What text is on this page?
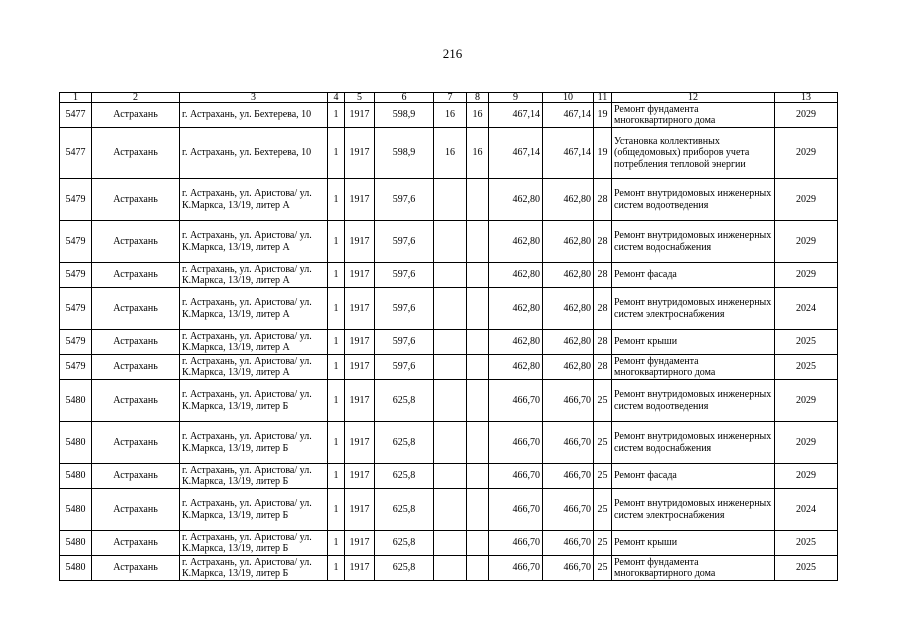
216
1	2	3	4	5	6	7	8	9	10	11	12	13
5477	Астрахань	г. Астрахань, ул. Бехтерева, 10	1	1917	598,9	16	16	467,14	467,14	19	Ремонт фундамента многоквартирного дома	2029
5477	Астрахань	г. Астрахань, ул. Бехтерева, 10	1	1917	598,9	16	16	467,14	467,14	19	Установка коллективных (общедомовых) приборов учета потребления тепловой энергии	2029
5479	Астрахань	г. Астрахань, ул. Аристова/ ул. К.Маркса, 13/19, литер А	1	1917	597,6			462,80	462,80	28	Ремонт внутридомовых инженерных систем водоотведения	2029
5479	Астрахань	г. Астрахань, ул. Аристова/ ул. К.Маркса, 13/19, литер А	1	1917	597,6			462,80	462,80	28	Ремонт внутридомовых инженерных систем водоснабжения	2029
5479	Астрахань	г. Астрахань, ул. Аристова/ ул. К.Маркса, 13/19, литер А	1	1917	597,6			462,80	462,80	28	Ремонт фасада	2029
5479	Астрахань	г. Астрахань, ул. Аристова/ ул. К.Маркса, 13/19, литер А	1	1917	597,6			462,80	462,80	28	Ремонт внутридомовых инженерных систем электроснабжения	2024
5479	Астрахань	г. Астрахань, ул. Аристова/ ул. К.Маркса, 13/19, литер А	1	1917	597,6			462,80	462,80	28	Ремонт крыши	2025
5479	Астрахань	г. Астрахань, ул. Аристова/ ул. К.Маркса, 13/19, литер А	1	1917	597,6			462,80	462,80	28	Ремонт фундамента многоквартирного дома	2025
5480	Астрахань	г. Астрахань, ул. Аристова/ ул. К.Маркса, 13/19, литер Б	1	1917	625,8			466,70	466,70	25	Ремонт внутридомовых инженерных систем водоотведения	2029
5480	Астрахань	г. Астрахань, ул. Аристова/ ул. К.Маркса, 13/19, литер Б	1	1917	625,8			466,70	466,70	25	Ремонт внутридомовых инженерных систем водоснабжения	2029
5480	Астрахань	г. Астрахань, ул. Аристова/ ул. К.Маркса, 13/19, литер Б	1	1917	625,8			466,70	466,70	25	Ремонт фасада	2029
5480	Астрахань	г. Астрахань, ул. Аристова/ ул. К.Маркса, 13/19, литер Б	1	1917	625,8			466,70	466,70	25	Ремонт внутридомовых инженерных систем электроснабжения	2024
5480	Астрахань	г. Астрахань, ул. Аристова/ ул. К.Маркса, 13/19, литер Б	1	1917	625,8			466,70	466,70	25	Ремонт крыши	2025
5480	Астрахань	г. Астрахань, ул. Аристова/ ул. К.Маркса, 13/19, литер Б	1	1917	625,8			466,70	466,70	25	Ремонт фундамента многоквартирного дома	2025
